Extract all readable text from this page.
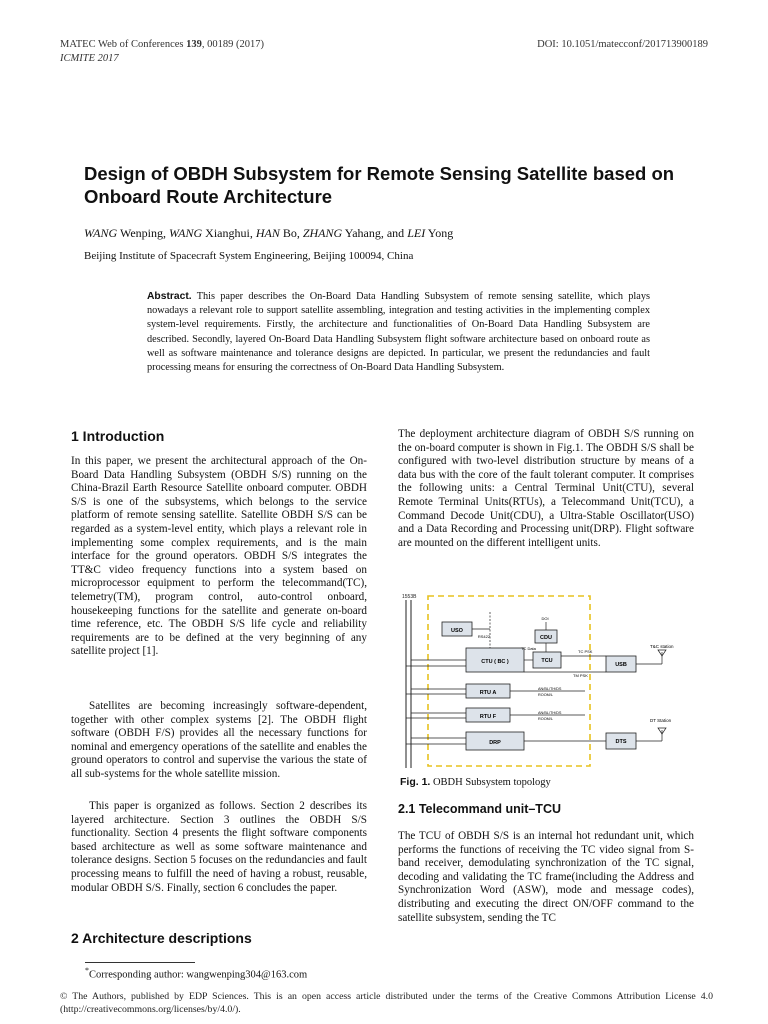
MATEC Web of Conferences 139, 00189 (2017)
ICMITE 2017
DOI: 10.1051/matecconf/201713900189
Design of OBDH Subsystem for Remote Sensing Satellite based on Onboard Route Architecture
WANG Wenping, WANG Xianghui, HAN Bo, ZHANG Yahang, and LEI Yong
Beijing Institute of Spacecraft System Engineering, Beijing 100094, China
Abstract. This paper describes the On-Board Data Handling Subsystem of remote sensing satellite, which plays nowadays a relevant role to support satellite assembling, integration and testing activities in the implementing complex system-level requirements. Firstly, the architecture and functionalities of On-Board Data Handling Subsystem are described. Secondly, layered On-Board Data Handling Subsystem flight software architecture based on onboard route as well as software maintenance and tolerance designs are depicted. In particular, we present the redundancies and fault processing means for ensuring the correctness of On-Board Data Handling Subsystem.
1 Introduction
In this paper, we present the architectural approach of the On-Board Data Handling Subsystem (OBDH S/S) running on the China-Brazil Earth Resource Satellite onboard computer. OBDH S/S is one of the subsystems, which belongs to the service platform of remote sensing satellite. Satellite OBDH S/S can be regarded as a system-level entity, which plays a relevant role in implementing some complex requirements, and is the main interface for the ground operators. OBDH S/S integrates the TT&C video frequency functions into a system based on microprocessor equipment to perform the telecommand(TC), telemetry(TM), program control, auto-control onboard, housekeeping functions for the satellite and generate on-board time reference, etc. The OBDH S/S life cycle and reliability requirements are to be defined at the very beginning of any satellite project [1].
Satellites are becoming increasingly software-dependent, together with other complex systems [2]. The OBDH flight software (OBDH F/S) provides all the necessary functions for nominal and emergency operations of the satellite and enables the ground operators to control and supervise the various the state of all sub-systems for the whole satellite mission.
This paper is organized as follows. Section 2 describes its layered architecture. Section 3 outlines the OBDH S/S functionality. Section 4 presents the flight software components based architecture as well as some software maintenance and tolerance designs. Section 5 focuses on the redundancies and fault processing means to fulfill the need of having a robust, reusable, modular OBDH S/S. Finally, section 6 concludes the paper.
2 Architecture descriptions
The deployment architecture diagram of OBDH S/S running on the on-board computer is shown in Fig.1. The OBDH S/S shall be configured with two-level distribution structure by means of a data bus with the core of the fault tolerant computer. It comprises the following units: a Central Terminal Unit(CTU), several Remote Terminal Units(RTUs), a Telecommand Unit(TCU), a Command Decode Unit(CDU), a Ultra-Stable Oscillator(USO) and a Data Recording and Processing unit(DRP). Flight software are mounted on the different intelligent units.
1553B
USO
RS422
DOI
CDU
CTU ( BC )
TC Data
TCU
USB
TC PSK
TM PSK
T&C station
RTU A
AN/BL/TH/DS
ROOM/L
RTU F
AN/BL/TH/DS
ROOM/L
DRP	DTS
DT Station
Fig. 1. OBDH Subsystem topology
2.1 Telecommand unit–TCU
The TCU of OBDH S/S is an internal hot redundant unit, which performs the functions of receiving the TC video signal from S-band receiver, demodulating synchronization of the TC signal, decoding and validating the TC frame(including the Address and Synchronization Word (ASW), mode and message codes), distributing and executing the direct ON/OFF command to the satellite subsystem, sending the TC
*Corresponding author: wangwenping304@163.com
© The Authors, published by EDP Sciences. This is an open access article distributed under the terms of the Creative Commons Attribution License 4.0 (http://creativecommons.org/licenses/by/4.0/).
